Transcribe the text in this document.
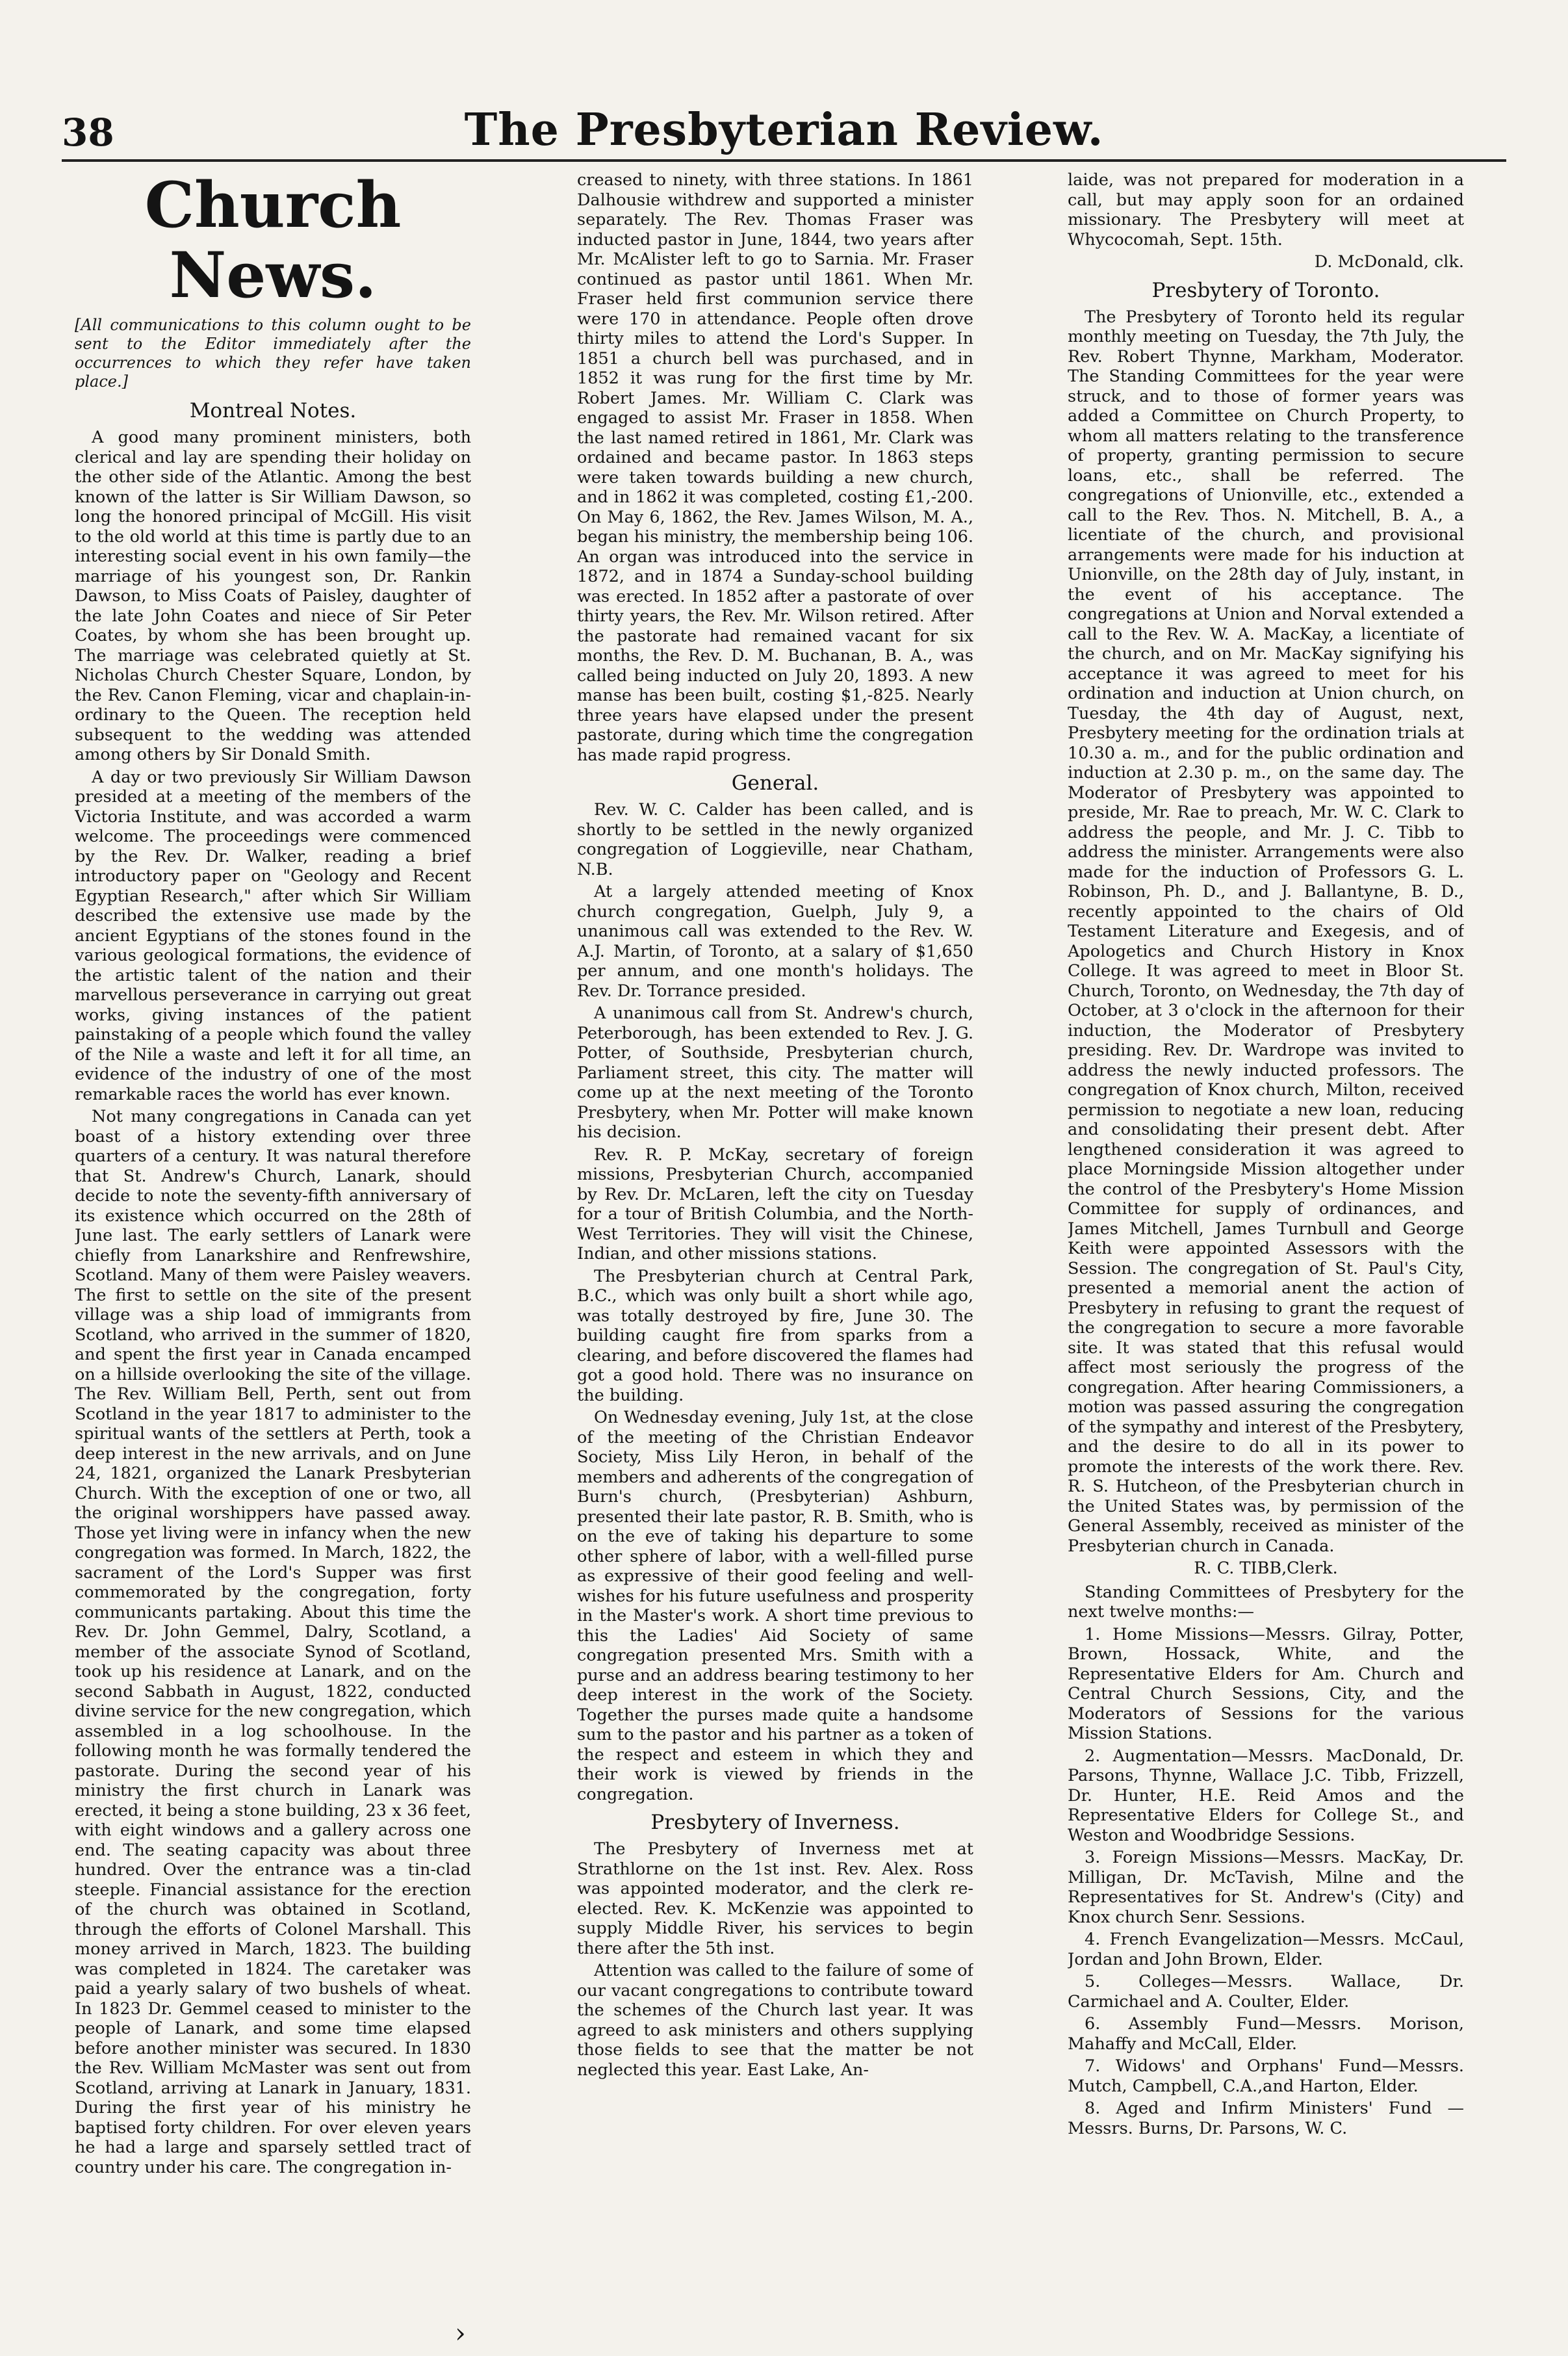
38	The Presbyterian Review.
Church News.
[All communications to this column ought to be sent to the Editor immediately after the occurrences to which they refer have taken place.]
Montreal Notes.

A good many prominent ministers, both clerical and lay are spending their holiday on the other side of the Atlantic. Among the best known of the latter is Sir William Dawson, so long the honored principal of McGill. His visit to the old world at this time is partly due to an interesting social event in his own family—the marriage of his youngest son, Dr. Rankin Dawson, to Miss Coats of Paisley, daughter of the late John Coates and niece of Sir Peter Coates, by whom she has been brought up. The marriage was celebrated quietly at St. Nicholas Church Chester Square, London, by the Rev. Canon Fleming, vicar and chaplain-in-ordinary to the Queen. The reception held subsequent to the wedding was attended among others by Sir Donald Smith.

A day or two previously Sir William Dawson presided at a meeting of the members of the Victoria Institute, and was accorded a warm welcome. The proceedings were commenced by the Rev. Dr. Walker, reading a brief introductory paper on "Geology and Recent Egyptian Research," after which Sir William described the extensive use made by the ancient Egyptians of the stones found in the various geological formations, the evidence of the artistic talent of the nation and their marvellous perseverance in carrying out great works, giving instances of the patient painstaking of a people which found the valley of the Nile a waste and left it for all time, an evidence of the industry of one of the most remarkable races the world has ever known.

Not many congregations in Canada can yet boast of a history extending over three quarters of a century. It was natural therefore that St. Andrew's Church, Lanark, should decide to note the seventy-fifth anniversary of its existence which occurred on the 28th of June last. The early settlers of Lanark were chiefly from Lanarkshire and Renfrewshire, Scotland. Many of them were Paisley weavers. The first to settle on the site of the present village was a ship load of immigrants from Scotland, who arrived in the summer of 1820, and spent the first year in Canada encamped on a hillside overlooking the site of the village. The Rev. William Bell, Perth, sent out from Scotland in the year 1817 to administer to the spiritual wants of the settlers at Perth, took a deep interest in the new arrivals, and on June 24, 1821, organized the Lanark Presbyterian Church. With the exception of one or two, all the original worshippers have passed away. Those yet living were in infancy when the new congregation was formed. In March, 1822, the sacrament of the Lord's Supper was first commemorated by the congregation, forty communicants partaking. About this time the Rev. Dr. John Gemmel, Dalry, Scotland, a member of the associate Synod of Scotland, took up his residence at Lanark, and on the second Sabbath in August, 1822, conducted divine service for the new congregation, which assembled in a log schoolhouse. In the following month he was formally tendered the pastorate. During the second year of his ministry the first church in Lanark was erected, it being a stone building, 23 x 36 feet, with eight windows and a gallery across one end. The seating capacity was about three hundred. Over the entrance was a tin-clad steeple. Financial assistance for the erection of the church was obtained in Scotland, through the efforts of Colonel Marshall. This money arrived in March, 1823. The building was completed in 1824. The caretaker was paid a yearly salary of two bushels of wheat. In 1823 Dr. Gemmel ceased to minister to the people of Lanark, and some time elapsed before another minister was secured. In 1830 the Rev. William McMaster was sent out from Scotland, arriving at Lanark in January, 1831. During the first year of his ministry he baptised forty children. For over eleven years he had a large and sparsely settled tract of country under his care. The congregation in-

creased to ninety, with three stations. In 1861 Dalhousie withdrew and supported a minister separately. The Rev. Thomas Fraser was inducted pastor in June, 1844, two years after Mr. McAlister left to go to Sarnia. Mr. Fraser continued as pastor until 1861. When Mr. Fraser held first communion service there were 170 in attendance. People often drove thirty miles to attend the Lord's Supper. In 1851 a church bell was purchased, and in 1852 it was rung for the first time by Mr. Robert James. Mr. William C. Clark was engaged to assist Mr. Fraser in 1858. When the last named retired in 1861, Mr. Clark was ordained and became pastor. In 1863 steps were taken towards building a new church, and in 1862 it was completed, costing £1,-200. On May 6, 1862, the Rev. James Wilson, M. A., began his ministry, the membership being 106. An organ was introduced into the service in 1872, and in 1874 a Sunday-school building was erected. In 1852 after a pastorate of over thirty years, the Rev. Mr. Wilson retired. After the pastorate had remained vacant for six months, the Rev. D. M. Buchanan, B. A., was called being inducted on July 20, 1893. A new manse has been built, costing $1,-825. Nearly three years have elapsed under the present pastorate, during which time the congregation has made rapid progress.

General.

Rev. W. C. Calder has been called, and is shortly to be settled in the newly organized congregation of Loggieville, near Chatham, N.B.

At a largely attended meeting of Knox church congregation, Guelph, July 9, a unanimous call was extended to the Rev. W. A.J. Martin, of Toronto, at a salary of $1,650 per annum, and one month's holidays. The Rev. Dr. Torrance presided.

A unanimous call from St. Andrew's church, Peterborough, has been extended to Rev. J. G. Potter, of Southside, Presbyterian church, Parliament street, this city. The matter will come up at the next meeting of the Toronto Presbytery, when Mr. Potter will make known his decision.

Rev. R. P. McKay, secretary of foreign missions, Presbyterian Church, accompanied by Rev. Dr. McLaren, left the city on Tuesday for a tour of British Columbia, and the North-West Territories. They will visit the Chinese, Indian, and other missions stations.

The Presbyterian church at Central Park, B.C., which was only built a short while ago, was totally destroyed by fire, June 30. The building caught fire from sparks from a clearing, and before discovered the flames had got a good hold. There was no insurance on the building.

On Wednesday evening, July 1st, at the close of the meeting of the Christian Endeavor Society, Miss Lily Heron, in behalf of the members and adherents of the congregation of Burn's church, (Presbyterian) Ashburn, presented their late pastor, R. B. Smith, who is on the eve of taking his departure to some other sphere of labor, with a well-filled purse as expressive of their good feeling and well-wishes for his future usefulness and prosperity in the Master's work. A short time previous to this the Ladies' Aid Society of same congregation presented Mrs. Smith with a purse and an address bearing testimony to her deep interest in the work of the Society. Together the purses made quite a handsome sum to the pastor and his partner as a token of the respect and esteem in which they and their work is viewed by friends in the congregation.

Presbytery of Inverness.

The Presbytery of Inverness met at Strathlorne on the 1st inst. Rev. Alex. Ross was appointed moderator, and the clerk re-elected. Rev. K. McKenzie was appointed to supply Middle River, his services to begin there after the 5th inst.

Attention was called to the failure of some of our vacant congregations to contribute toward the schemes of the Church last year. It was agreed to ask ministers and others supplying those fields to see that the matter be not neglected this year. East Lake, An-

laide, was not prepared for moderation in a call, but may apply soon for an ordained missionary. The Presbytery will meet at Whycocomah, Sept. 15th.

D. McDonald, clk.

Presbytery of Toronto.

The Presbytery of Toronto held its regular monthly meeting on Tuesday, the 7th July, the Rev. Robert Thynne, Markham, Moderator. The Standing Committees for the year were struck, and to those of former years was added a Committee on Church Property, to whom all matters relating to the transference of property, granting permission to secure loans, etc., shall be referred. The congregations of Unionville, etc., extended a call to the Rev. Thos. N. Mitchell, B. A., a licentiate of the church, and provisional arrangements were made for his induction at Unionville, on the 28th day of July, instant, in the event of his acceptance. The congregations at Union and Norval extended a call to the Rev. W. A. MacKay, a licentiate of the church, and on Mr. MacKay signifying his acceptance it was agreed to meet for his ordination and induction at Union church, on Tuesday, the 4th day of August, next, Presbytery meeting for the ordination trials at 10.30 a. m., and for the public ordination and induction at 2.30 p. m., on the same day. The Moderator of Presbytery was appointed to preside, Mr. Rae to preach, Mr. W. C. Clark to address the people, and Mr. J. C. Tibb to address the minister. Arrangements were also made for the induction of Professors G. L. Robinson, Ph. D., and J. Ballantyne, B. D., recently appointed to the chairs of Old Testament Literature and Exegesis, and of Apologetics and Church History in Knox College. It was agreed to meet in Bloor St. Church, Toronto, on Wednesday, the 7th day of October, at 3 o'clock in the afternoon for their induction, the Moderator of Presbytery presiding. Rev. Dr. Wardrope was invited to address the newly inducted professors. The congregation of Knox church, Milton, received permission to negotiate a new loan, reducing and consolidating their present debt. After lengthened consideration it was agreed to place Morningside Mission altogether under the control of the Presbytery's Home Mission Committee for supply of ordinances, and James Mitchell, James Turnbull and George Keith were appointed Assessors with the Session. The congregation of St. Paul's City, presented a memorial anent the action of Presbytery in refusing to grant the request of the congregation to secure a more favorable site. It was stated that this refusal would affect most seriously the progress of the congregation. After hearing Commissioners, a motion was passed assuring the congregation of the sympathy and interest of the Presbytery, and the desire to do all in its power to promote the interests of the work there. Rev. R. S. Hutcheon, of the Presbyterian church in the United States was, by permission of the General Assembly, received as minister of the Presbyterian church in Canada.

R. C. TIBB,Clerk.

Standing Committees of Presbytery for the next twelve months:—

1. Home Missions—Messrs. Gilray, Potter, Brown, Hossack, White, and the Representative Elders for Am. Church and Central Church Sessions, City, and the Moderators of Sessions for the various Mission Stations.

2. Augmentation—Messrs. MacDonald, Dr. Parsons, Thynne, Wallace J.C. Tibb, Frizzell, Dr. Hunter, H.E. Reid Amos and the Representative Elders for College St., and Weston and Woodbridge Sessions.

3. Foreign Missions—Messrs. MacKay, Dr. Milligan, Dr. McTavish, Milne and the Representatives for St. Andrew's (City) and Knox church Senr. Sessions.

4. French Evangelization—Messrs. McCaul, Jordan and John Brown, Elder.

5. Colleges—Messrs. Wallace, Dr. Carmichael and A. Coulter, Elder.

6. Assembly Fund—Messrs. Morison, Mahaffy and McCall, Elder.

7. Widows' and Orphans' Fund—Messrs. Mutch, Campbell, C.A.,and Harton, Elder.

8. Aged and Infirm Ministers' Fund —Messrs. Burns, Dr. Parsons, W. C.

›
